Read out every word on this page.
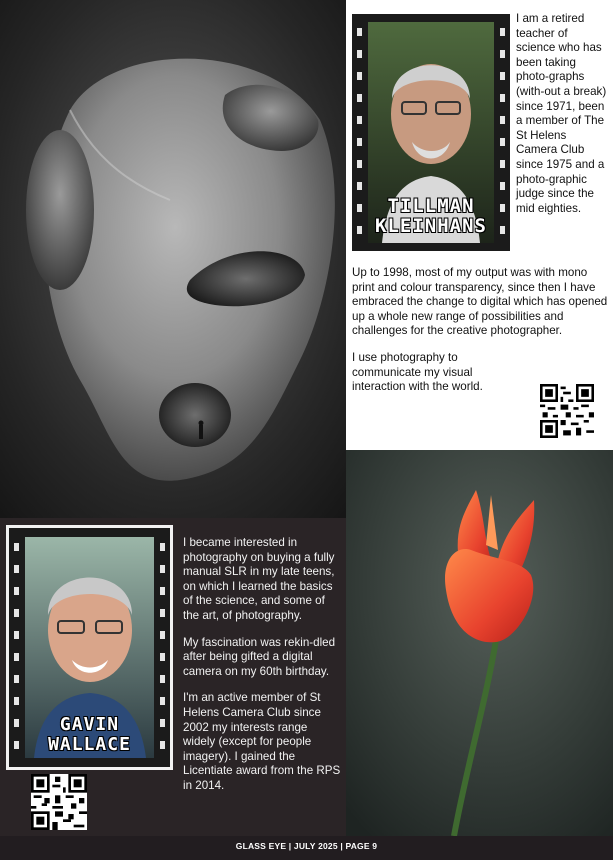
TILLMAN
KLEINHANS

I am a retired teacher of science who has been taking photo-graphs (with-out a break) since 1971, been a member of The St Helens Camera Club since 1975 and a photo-graphic judge since the mid eighties.

Up to 1998, most of my output was with mono print and colour transparency, since then I have embraced the change to digital which has opened up a whole new range of possibilities and challenges for the creative photographer.

I use photography to communicate my visual interaction with the world.

GAVIN
WALLACE

I became interested in photography on buying a fully manual SLR in my late teens, on which I learned the basics of the science, and some of the art, of photography.

My fascination was rekin-dled after being gifted a digital camera on my 60th birthday.

I'm an active member of St Helens Camera Club since 2002 my interests range widely (except for people imagery). I gained the Licentiate award from the RPS in 2014.

GLASS EYE | JULY 2025 | PAGE 9
